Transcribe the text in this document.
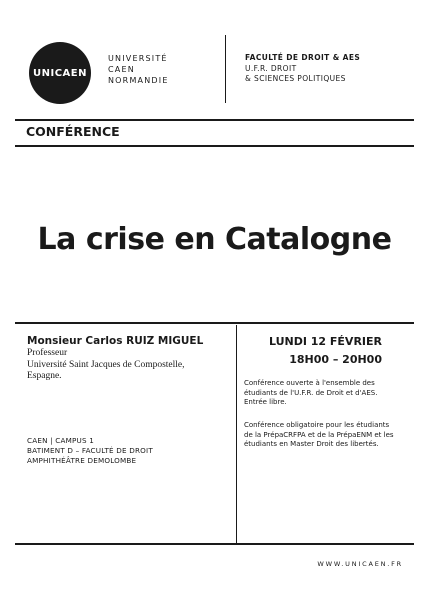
UNICAEN
UNIVERSITÉ
CAEN
NORMANDIE
FACULTÉ DE DROIT & AES
U.F.R. DROIT
& SCIENCES POLITIQUES
CONFÉRENCE
La crise en Catalogne
Monsieur Carlos RUIZ MIGUEL
Professeur
Université Saint Jacques de Compostelle,
Espagne.
CAEN | CAMPUS 1
BATIMENT D – FACULTÉ DE DROIT
AMPHITHÉÂTRE DEMOLOMBE
LUNDI 12 FÉVRIER
18H00 – 20H00
Conférence ouverte à l'ensemble des
étudiants de l'U.F.R. de Droit et d'AES.
Entrée libre.
Conférence obligatoire pour les étudiants
de la PrépaCRFPA et de la PrépaENM et les
étudiants en Master Droit des libertés.
WWW.UNICAEN.FR
